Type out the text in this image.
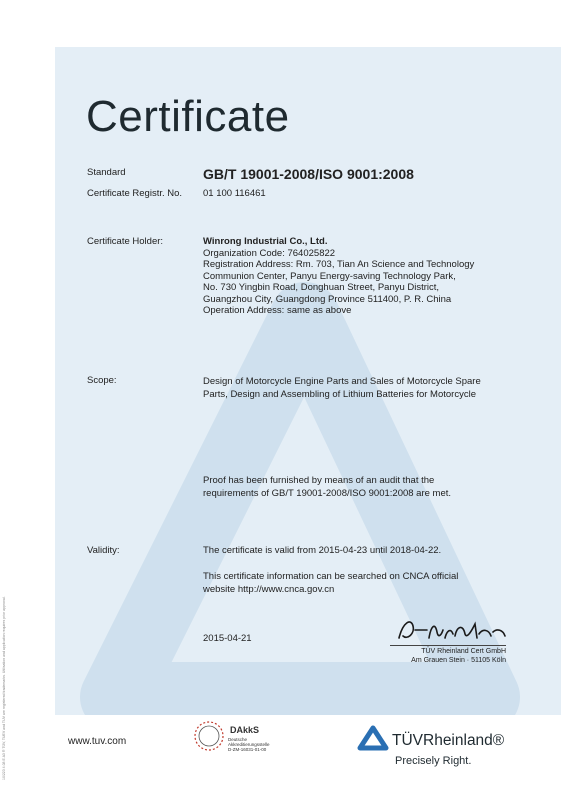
Certificate
Standard	GB/T 19001-2008/ISO 9001:2008
Certificate Registr. No. 01 100 116461
Certificate Holder:	Winrong Industrial Co., Ltd.
Organization Code: 764025822
Registration Address: Rm. 703, Tian An Science and Technology
Communion Center, Panyu Energy-saving Technology Park,
No. 730 Yingbin Road, Donghuan Street, Panyu District,
Guangzhou City, Guangdong Province 511400, P. R. China
Operation Address: same as above
Scope:	Design of Motorcycle Engine Parts and Sales of Motorcycle Spare
Parts, Design and Assembling of Lithium Batteries for Motorcycle
Proof has been furnished by means of an audit that the
requirements of GB/T 19001-2008/ISO 9001:2008 are met.
Validity:	The certificate is valid from 2015-04-23 until 2018-04-22.
This certificate information can be searched on CNCA official
website http://www.cnca.gov.cn
2015-04-21
TÜV Rheinland Cert GmbH
Am Grauen Stein · 51105 Köln
www.tuv.com
DAkkS
Deutsche
Akkreditierungsstelle
D-ZM-16031-01-00
TÜVRheinland®
Precisely Right.
10/223 4.08 E A3 ® TÜV, TUEV and TUV are registered trademarks. Utilisation and application requires prior approval.
